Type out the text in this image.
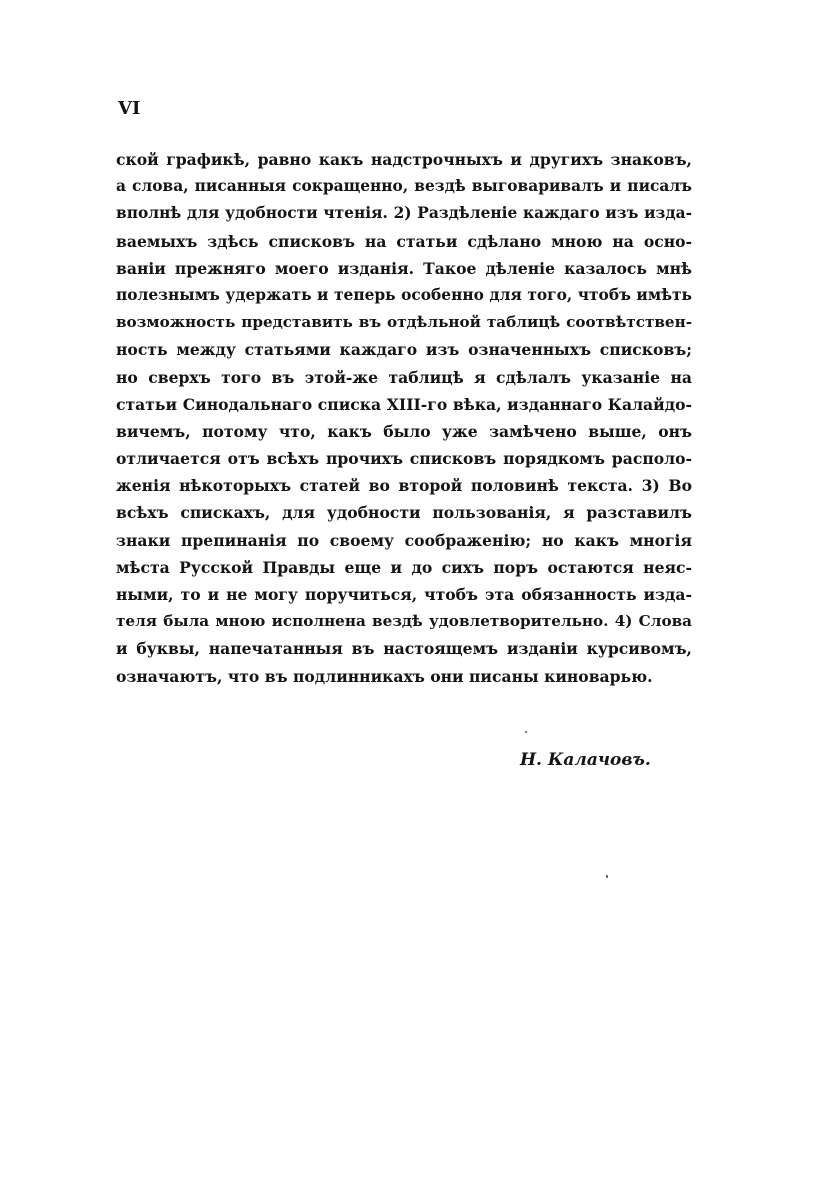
VI
ской графикѣ, равно какъ надстрочныхъ и другихъ знаковъ,
а слова, писанныя сокращенно, вездѣ выговаривалъ и писалъ
вполнѣ для удобности чтенія. 2) Раздѣленіе каждаго изъ изда-
ваемыхъ здѣсь списковъ на статьи сдѣлано мною на осно-
ваніи прежняго моего изданія. Такое дѣленіе казалось мнѣ
полезнымъ удержать и теперь особенно для того, чтобъ имѣть
возможность представить въ отдѣльной таблицѣ соотвѣтствен-
ность между статьями каждаго изъ означенныхъ списковъ;
но сверхъ того въ этой-же таблицѣ я сдѣлалъ указаніе на
статьи Синодальнаго списка XIII-го вѣка, изданнаго Калайдо-
вичемъ, потому что, какъ было уже замѣчено выше, онъ
отличается отъ всѣхъ прочихъ списковъ порядкомъ располо-
женія нѣкоторыхъ статей во второй половинѣ текста. 3) Во
всѣхъ спискахъ, для удобности пользованія, я разставилъ
знаки препинанія по своему соображенію; но какъ многія
мѣста Русской Правды еще и до сихъ поръ остаются неяс-
ными, то и не могу поручиться, чтобъ эта обязанность изда-
теля была мною исполнена вездѣ удовлетворительно. 4) Слова
и буквы, напечатанныя въ настоящемъ изданіи курсивомъ,
означаютъ, что въ подлинникахъ они писаны киноварью.
Н. Калачовъ.
